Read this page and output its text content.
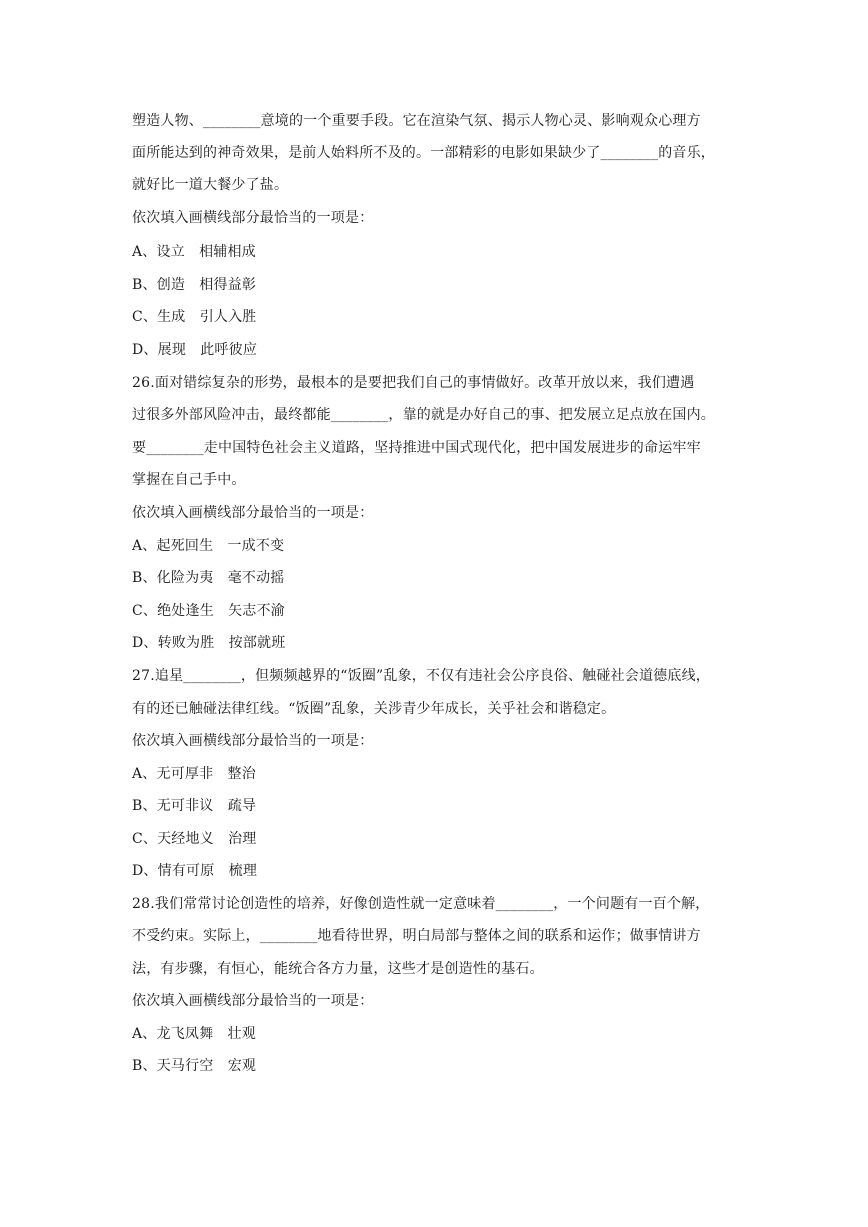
塑造人物、________意境的一个重要手段。它在渲染气氛、揭示人物心灵、影响观众心理方
面所能达到的神奇效果，是前人始料所不及的。一部精彩的电影如果缺少了________的音乐，
就好比一道大餐少了盐。
依次填入画横线部分最恰当的一项是：
A、设立　相辅相成
B、创造　相得益彰
C、生成　引人入胜
D、展现　此呼彼应
26.面对错综复杂的形势，最根本的是要把我们自己的事情做好。改革开放以来，我们遭遇
过很多外部风险冲击，最终都能________，靠的就是办好自己的事、把发展立足点放在国内。
要________走中国特色社会主义道路，坚持推进中国式现代化，把中国发展进步的命运牢牢
掌握在自己手中。
依次填入画横线部分最恰当的一项是：
A、起死回生　一成不变
B、化险为夷　毫不动摇
C、绝处逢生　矢志不渝
D、转败为胜　按部就班
27.追星________，但频频越界的“饭圈”乱象，不仅有违社会公序良俗、触碰社会道德底线，
有的还已触碰法律红线。“饭圈”乱象，关涉青少年成长，关乎社会和谐稳定。
依次填入画横线部分最恰当的一项是：
A、无可厚非　整治
B、无可非议　疏导
C、天经地义　治理
D、情有可原　梳理
28.我们常常讨论创造性的培养，好像创造性就一定意味着________，一个问题有一百个解，
不受约束。实际上，________地看待世界，明白局部与整体之间的联系和运作；做事情讲方
法，有步骤，有恒心，能统合各方力量，这些才是创造性的基石。
依次填入画横线部分最恰当的一项是：
A、龙飞凤舞　壮观
B、天马行空　宏观
